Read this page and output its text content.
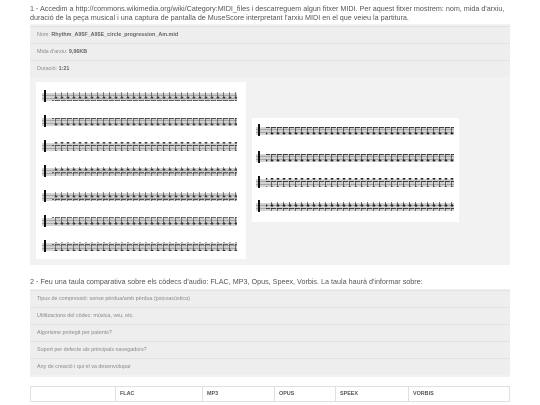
1 - Accedim a http://commons.wikimedia.org/wiki/Category:MIDI_files i descarreguem algun fitxer MIDI. Per aquest fitxer mostrem: nom, mida d'arxiu, duració de la peça musical i una captura de pantalla de MuseScore interpretant l'arxiu MIDI en el que veieu la partitura.
Nom: Rhythm_A95F_A95E_circle_progression_Am.mid
Mida d'arxiu: 9,96KB
Duració: 1:21
2 - Feu una taula comparativa sobre els còdecs d'audio: FLAC, MP3, Opus, Speex, Vorbis. La taula haurà d'informar sobre:
Tipus de compressió: sense pèrdua/amb pèrdua (psicoacústica)
Utilitzacions del còdec: música, veu, etc.
Algorisme protegit per patents?
Suport per defecte als principals navegadors?
Any de creació i qui el va desenvolupar
	FLAC	MP3	OPUS	SPEEX	VORBIS
